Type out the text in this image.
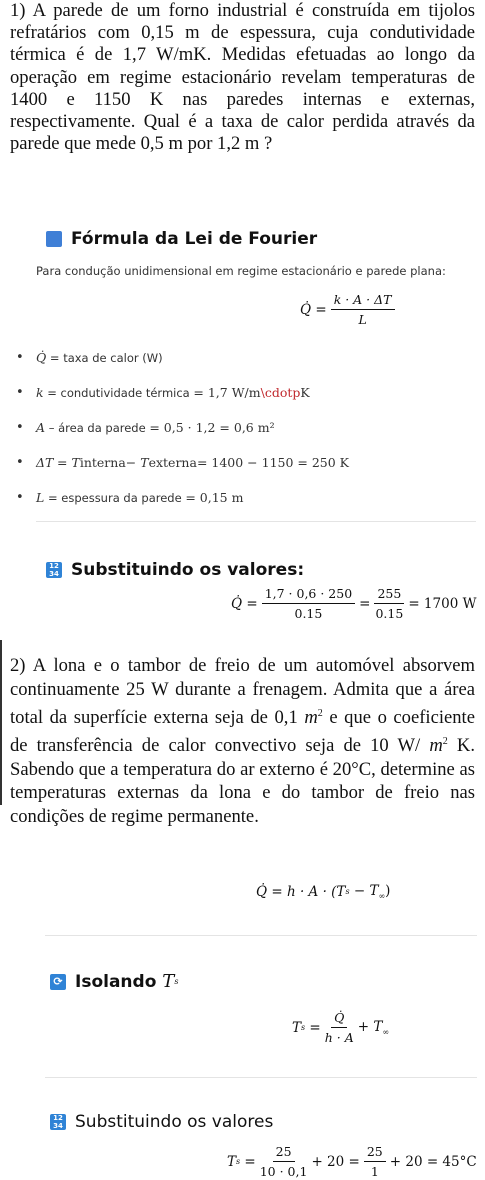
1) A parede de um forno industrial é construída em tijolos refratários com 0,15 m de espessura, cuja condutividade térmica é de 1,7 W/mK. Medidas efetuadas ao longo da operação em regime estacionário revelam temperaturas de 1400 e 1150 K nas paredes internas e externas, respectivamente. Qual é a taxa de calor perdida através da parede que mede 0,5 m por 1,2 m ?
Fórmula da Lei de Fourier
Para condução unidimensional em regime estacionário e parede plana:
Q̇ = $\frac{k \cdot A \cdot \Delta T}{L}$
• Q̇
= taxa de calor (W)
• k
= condutividade térmica
= 1,7 W/m \cdotp K
• A
– área da parede
= 0,5 · 1,2 = 0,6 m²
• ΔT
= T interna − T externa = 1400 − 1150 = 250 K
• L
= espessura da parede
= 0,15 m
12
34 Substituindo os valores:
Q̇ = $\frac{1,7 \cdot 0,6 \cdot 250}{0.15} = \frac{255}{0.15} = 1700$ W
2) A lona e o tambor de freio de um automóvel absorvem continuamente 25 W durante a frenagem. Admita que a área total da superfície externa seja de 0,1 $m^2$ e que o coeficiente de transferência de calor convectivo seja de 10 W/ $m^2$ K. Sabendo que a temperatura do ar externo é 20°C, determine as temperaturas externas da lona e do tambor de freio nas condições de regime permanente.
Q̇ = h · A · (T $s - T_\infty$)
⟳ Isolando
T s
T $s = \frac{Q̇}{h \cdot A} + T_\infty$
12
34 Substituindo os valores
T $s = \frac{25}{10 \cdot 0,1} + 20 = \frac{25}{1} + 20 = 45^\circ C$
